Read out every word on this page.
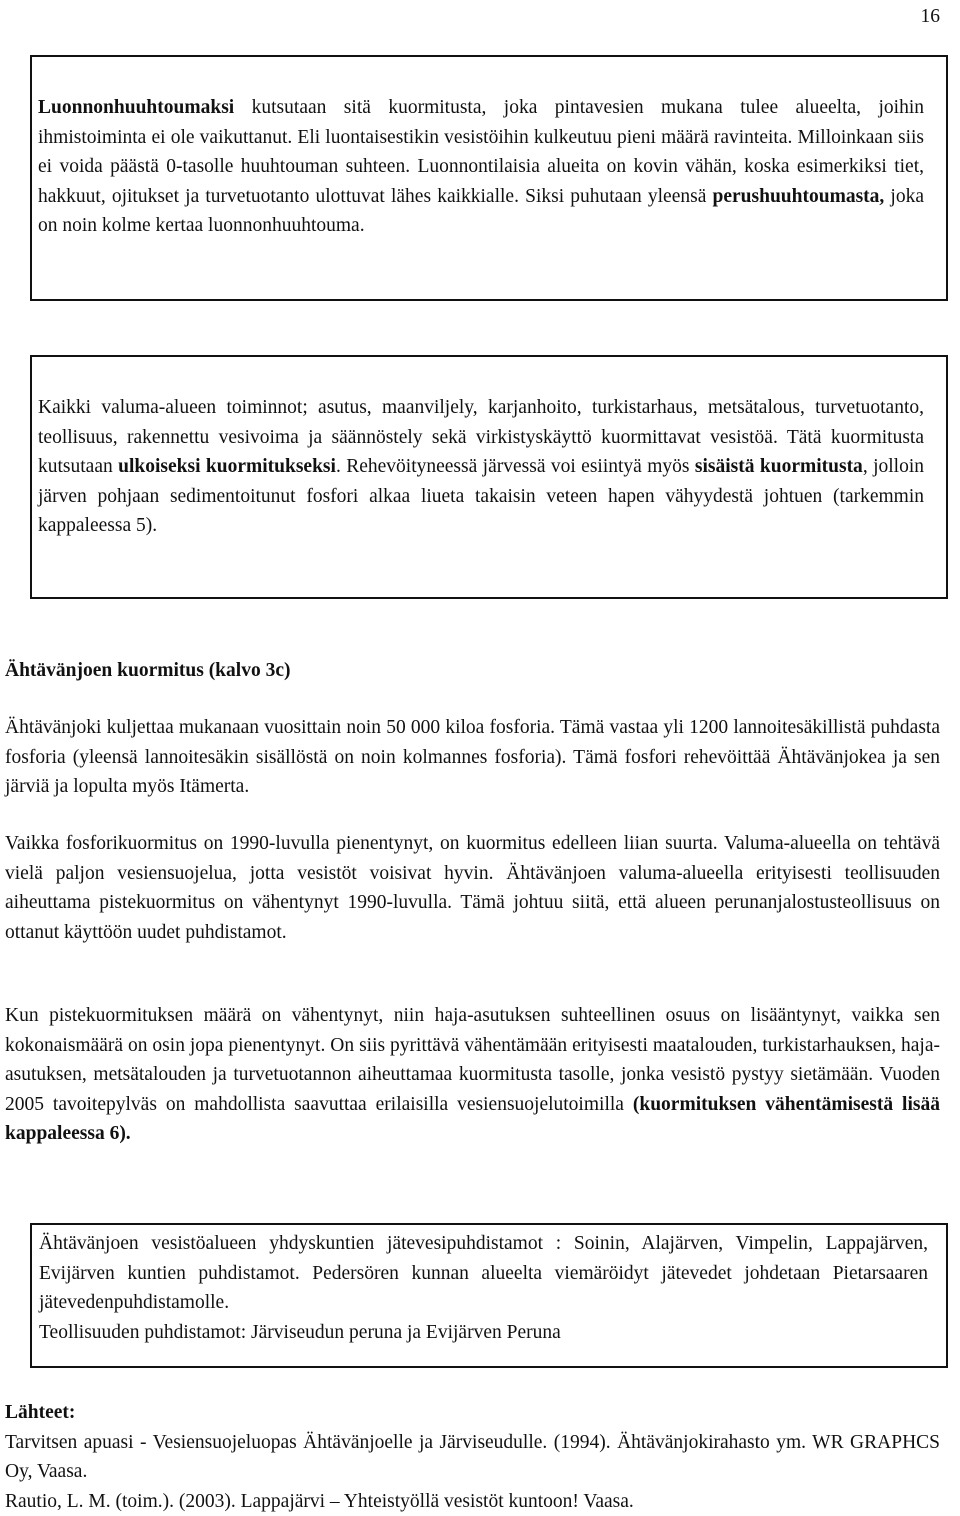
16

Luonnonhuuhtoumaksi kutsutaan sitä kuormitusta, joka pintavesien mukana tulee alueelta, joihin ihmistoiminta ei ole vaikuttanut. Eli luontaisestikin vesistöihin kulkeutuu pieni määrä ravinteita. Milloinkaan siis ei voida päästä 0-tasolle huuhtouman suhteen. Luonnontilaisia alueita on kovin vähän, koska esimerkiksi tiet, hakkuut, ojitukset ja turvetuotanto ulottuvat lähes kaikkialle. Siksi puhutaan yleensä perushuuhtoumasta, joka on noin kolme kertaa luonnonhuuhtouma.

Kaikki valuma-alueen toiminnot; asutus, maanviljely, karjanhoito, turkistarhaus, metsätalous, turvetuotanto, teollisuus, rakennettu vesivoima ja säännöstely sekä virkistyskäyttö kuormittavat vesistöä. Tätä kuormitusta kutsutaan ulkoiseksi kuormitukseksi. Rehevöityneessä järvessä voi esiintyä myös sisäistä kuormitusta, jolloin järven pohjaan sedimentoitunut fosfori alkaa liueta takaisin veteen hapen vähyydestä johtuen (tarkemmin kappaleessa 5).

Ähtävänjoen kuormitus (kalvo 3c)

Ähtävänjoki kuljettaa mukanaan vuosittain noin 50 000 kiloa fosforia. Tämä vastaa yli 1200 lannoitesäkillistä puhdasta fosforia (yleensä lannoitesäkin sisällöstä on noin kolmannes fosforia). Tämä fosfori rehevöittää Ähtävänjokea ja sen järviä ja lopulta myös Itämerta.

Vaikka fosforikuormitus on 1990-luvulla pienentynyt, on kuormitus edelleen liian suurta. Valuma-alueella on tehtävä vielä paljon vesiensuojelua, jotta vesistöt voisivat hyvin. Ähtävänjoen valuma-alueella erityisesti teollisuuden aiheuttama pistekuormitus on vähentynyt 1990-luvulla. Tämä johtuu siitä, että alueen perunanjalostusteollisuus on ottanut käyttöön uudet puhdistamot.

Kun pistekuormituksen määrä on vähentynyt, niin haja-asutuksen suhteellinen osuus on lisääntynyt, vaikka sen kokonaismäärä on osin jopa pienentynyt. On siis pyrittävä vähentämään erityisesti maatalouden, turkistarhauksen, haja-asutuksen, metsätalouden ja turvetuotannon aiheuttamaa kuormitusta tasolle, jonka vesistö pystyy sietämään. Vuoden 2005 tavoitepylväs on mahdollista saavuttaa erilaisilla vesiensuojelutoimilla (kuormituksen vähentämisestä lisää kappaleessa 6).

Ähtävänjoen vesistöalueen yhdyskuntien jätevesipuhdistamot : Soinin, Alajärven, Vimpelin, Lappajärven, Evijärven kuntien puhdistamot. Pedersören kunnan alueelta viemäröidyt jätevedet johdetaan Pietarsaaren jätevedenpuhdistamolle.

Teollisuuden puhdistamot: Järviseudun peruna ja Evijärven Peruna

Lähteet:

Tarvitsen apuasi - Vesiensuojeluopas Ähtävänjoelle ja Järviseudulle. (1994). Ähtävänjokirahasto ym. WR GRAPHCS Oy, Vaasa.

Rautio, L. M. (toim.). (2003). Lappajärvi – Yhteistyöllä vesistöt kuntoon! Vaasa.
